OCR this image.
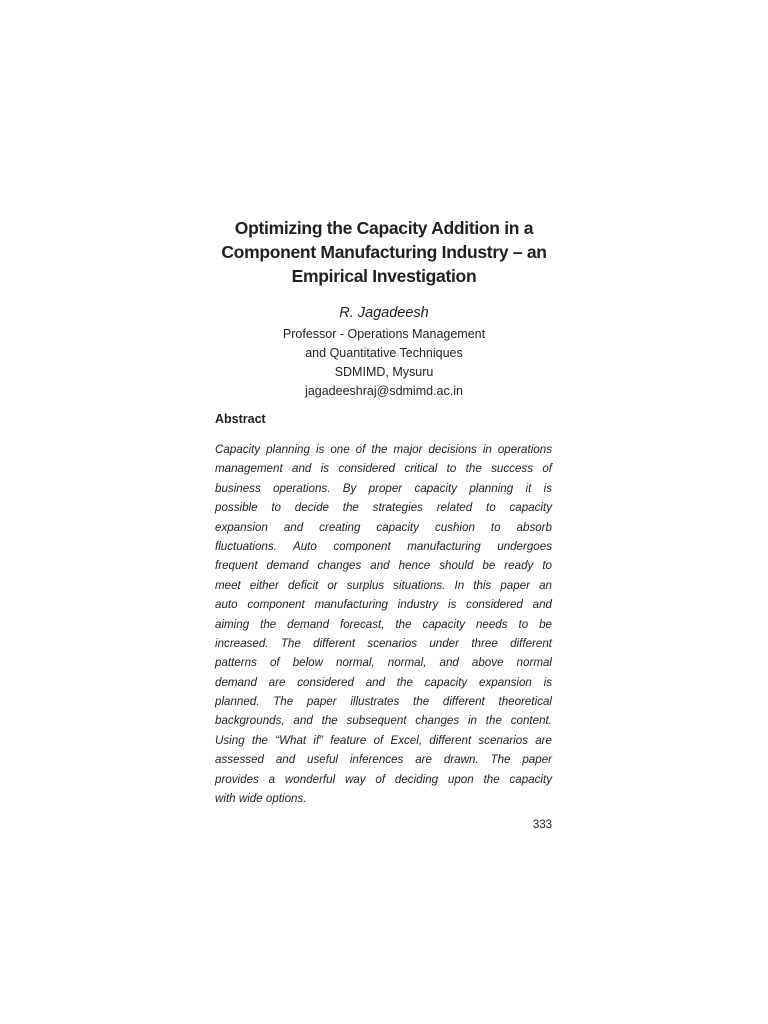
Optimizing the Capacity Addition in a
Component Manufacturing Industry – an
Empirical Investigation
R. Jagadeesh
Professor - Operations Management
and Quantitative Techniques
SDMIMD, Mysuru
jagadeeshraj@sdmimd.ac.in
Abstract
Capacity planning is one of the major decisions in operations
management and is considered critical to the success of
business operations. By proper capacity planning it is
possible to decide the strategies related to capacity
expansion and creating capacity cushion to absorb
fluctuations. Auto component manufacturing undergoes
frequent demand changes and hence should be ready to
meet either deficit or surplus situations. In this paper an
auto component manufacturing industry is considered and
aiming the demand forecast, the capacity needs to be
increased. The different scenarios under three different
patterns of below normal, normal, and above normal
demand are considered and the capacity expansion is
planned. The paper illustrates the different theoretical
backgrounds, and the subsequent changes in the content.
Using the “What if” feature of Excel, different scenarios are
assessed and useful inferences are drawn. The paper
provides a wonderful way of deciding upon the capacity
with wide options.
333
